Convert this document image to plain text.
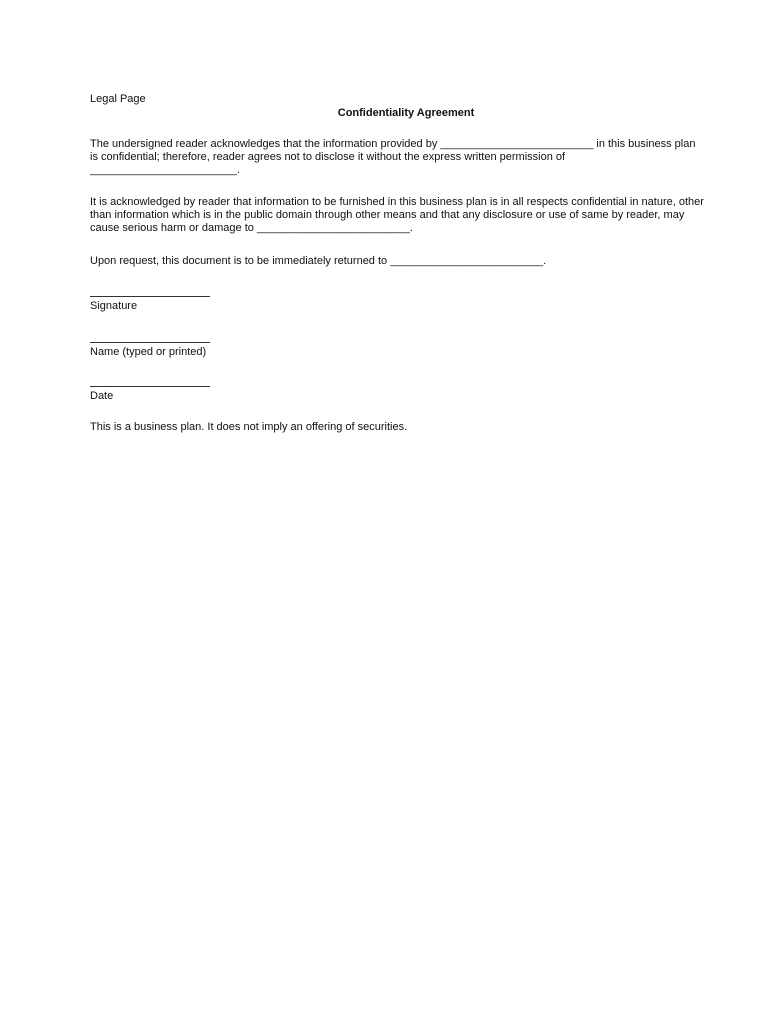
Legal Page
Confidentiality Agreement

The undersigned reader acknowledges that the information provided by _________________________ in this business plan
is confidential; therefore, reader agrees not to disclose it without the express written permission of
________________________.

It is acknowledged by reader that information to be furnished in this business plan is in all respects confidential in nature, other
than information which is in the public domain through other means and that any disclosure or use of same by reader, may
cause serious harm or damage to _________________________.

Upon request, this document is to be immediately returned to _________________________.

Signature
Name (typed or printed)
Date
This is a business plan. It does not imply an offering of securities.
